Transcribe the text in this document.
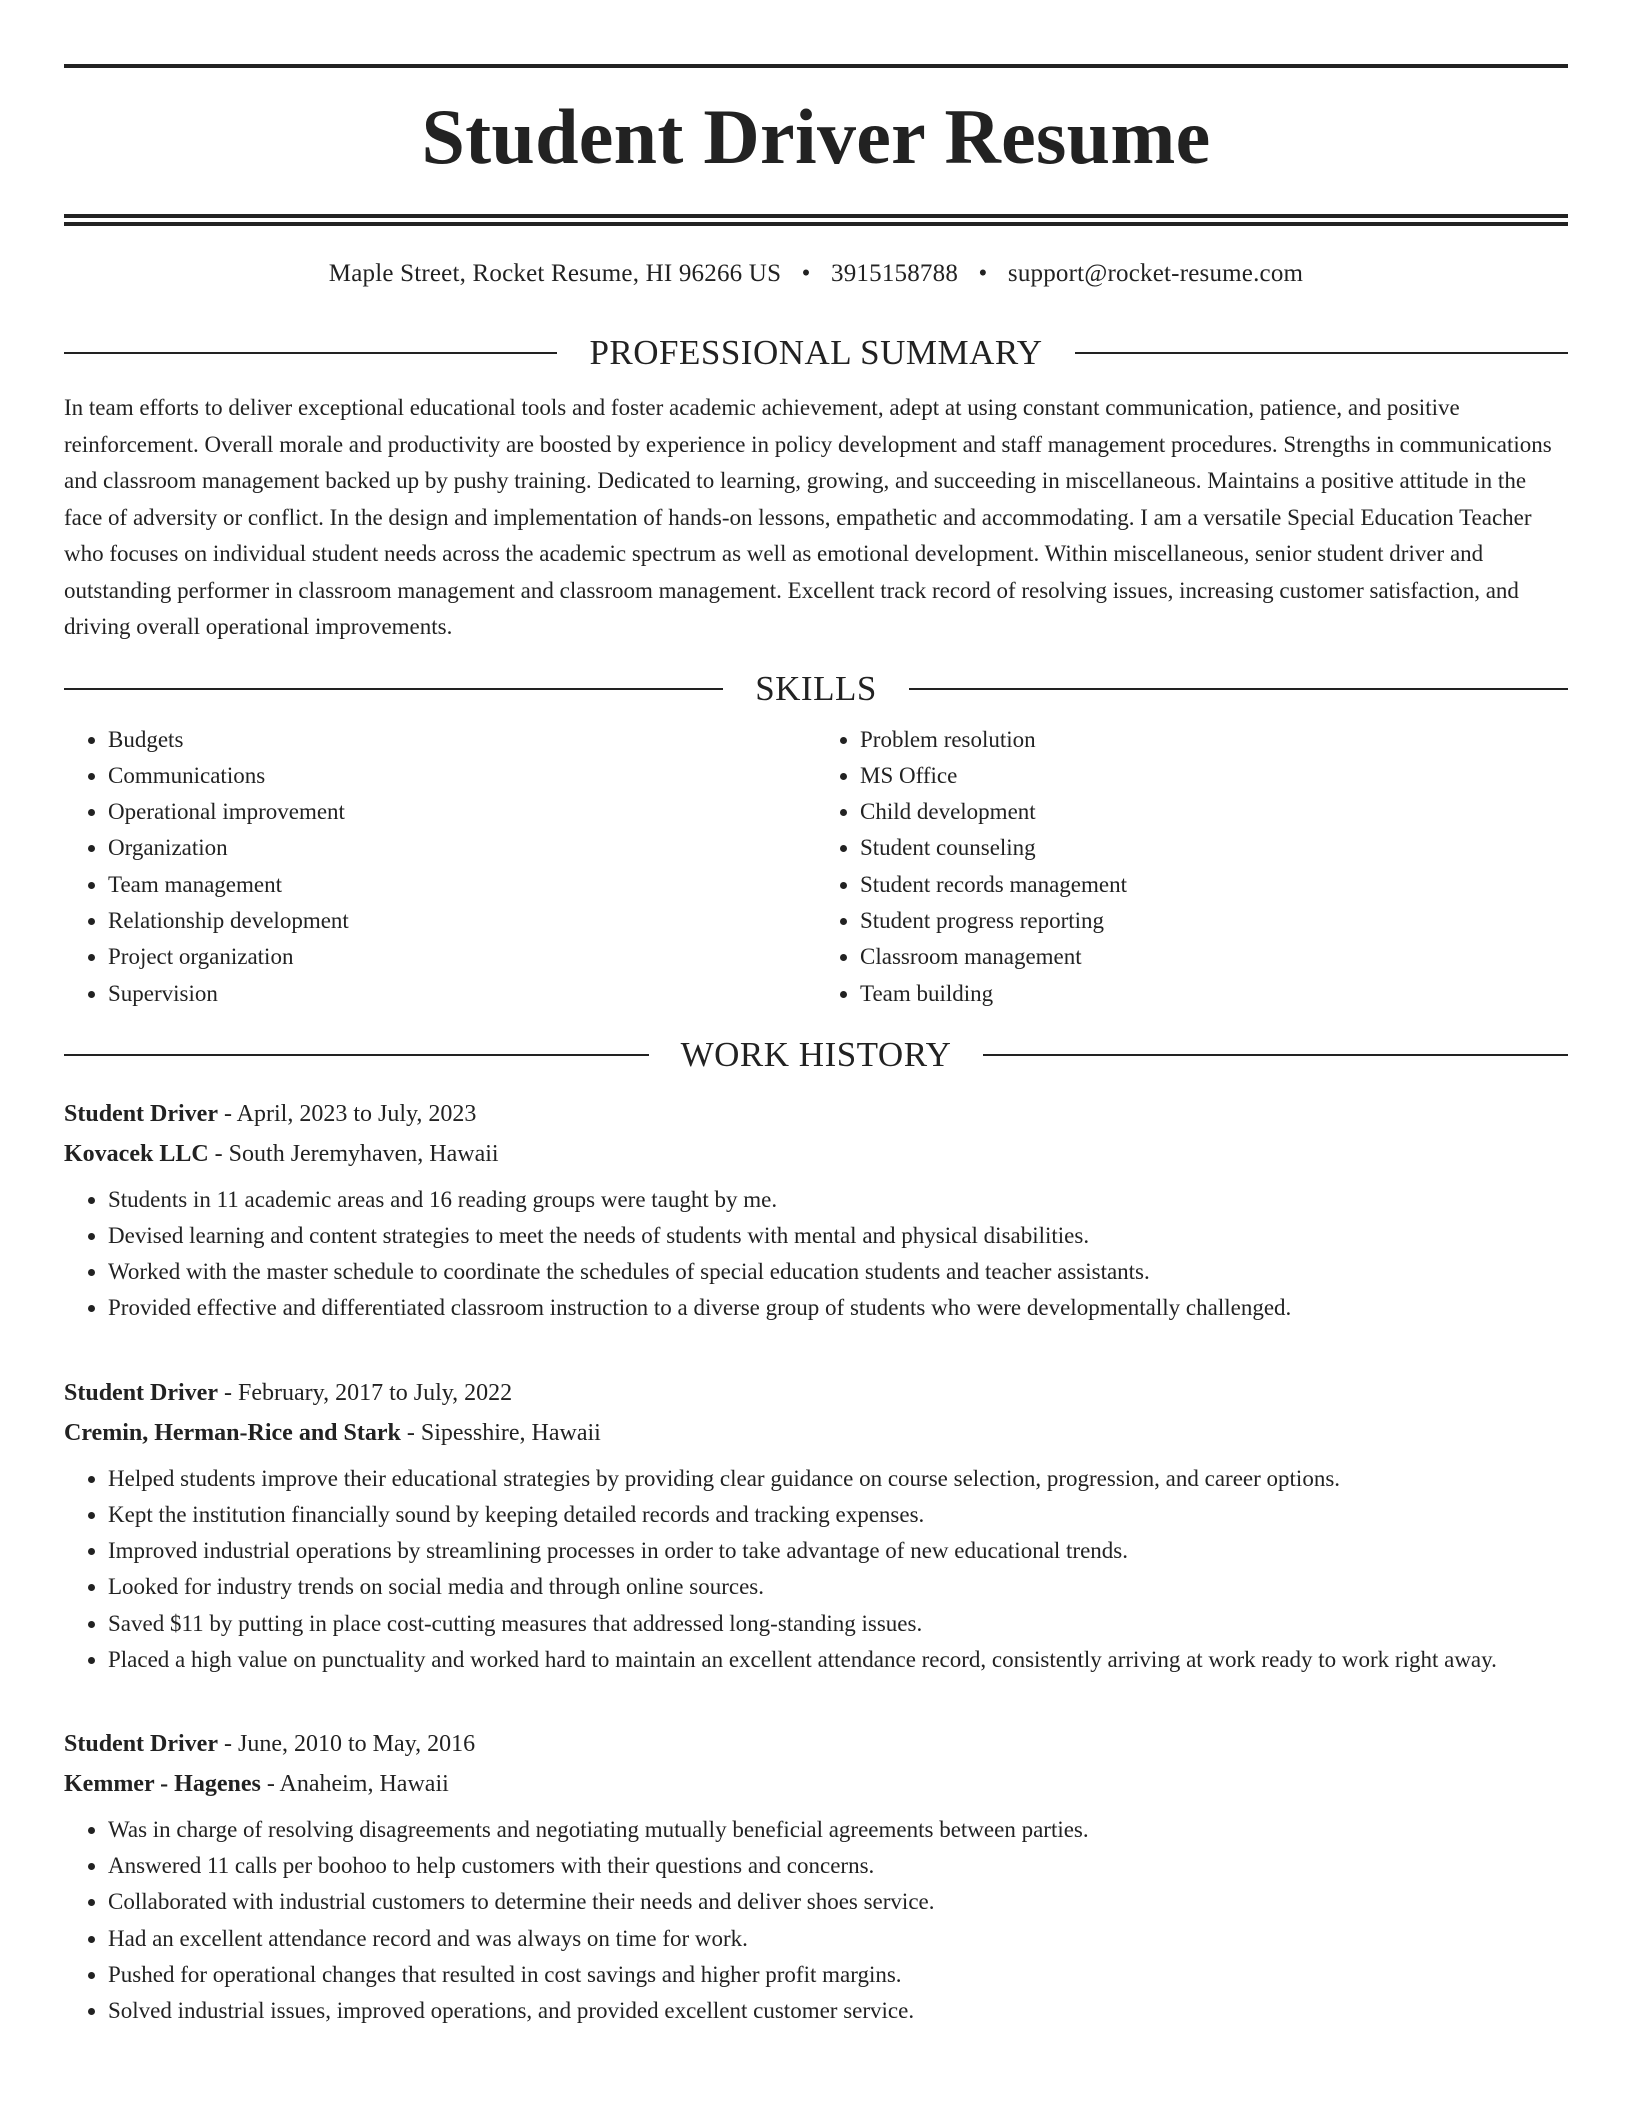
Student Driver Resume
Maple Street, Rocket Resume, HI 96266 US • 3915158788 • support@rocket-resume.com
PROFESSIONAL SUMMARY

In team efforts to deliver exceptional educational tools and foster academic achievement, adept at using constant communication, patience, and positive reinforcement. Overall morale and productivity are boosted by experience in policy development and staff management procedures. Strengths in communications and classroom management backed up by pushy training. Dedicated to learning, growing, and succeeding in miscellaneous. Maintains a positive attitude in the face of adversity or conflict. In the design and implementation of hands-on lessons, empathetic and accommodating. I am a versatile Special Education Teacher who focuses on individual student needs across the academic spectrum as well as emotional development. Within miscellaneous, senior student driver and outstanding performer in classroom management and classroom management. Excellent track record of resolving issues, increasing customer satisfaction, and driving overall operational improvements.

SKILLS
• Budgets
• Communications
• Operational improvement
• Organization
• Team management
• Relationship development
• Project organization
• Supervision
• Problem resolution
• MS Office
• Child development
• Student counseling
• Student records management
• Student progress reporting
• Classroom management
• Team building
WORK HISTORY
Student Driver - April, 2023 to July, 2023
Kovacek LLC - South Jeremyhaven, Hawaii
• Students in 11 academic areas and 16 reading groups were taught by me.
• Devised learning and content strategies to meet the needs of students with mental and physical disabilities.
• Worked with the master schedule to coordinate the schedules of special education students and teacher assistants.
• Provided effective and differentiated classroom instruction to a diverse group of students who were developmentally challenged.
Student Driver - February, 2017 to July, 2022
Cremin, Herman-Rice and Stark - Sipesshire, Hawaii
• Helped students improve their educational strategies by providing clear guidance on course selection, progression, and career options.
• Kept the institution financially sound by keeping detailed records and tracking expenses.
• Improved industrial operations by streamlining processes in order to take advantage of new educational trends.
• Looked for industry trends on social media and through online sources.
• Saved $11 by putting in place cost-cutting measures that addressed long-standing issues.
• Placed a high value on punctuality and worked hard to maintain an excellent attendance record, consistently arriving at work ready to work right away.
Student Driver - June, 2010 to May, 2016
Kemmer - Hagenes - Anaheim, Hawaii
• Was in charge of resolving disagreements and negotiating mutually beneficial agreements between parties.
• Answered 11 calls per boohoo to help customers with their questions and concerns.
• Collaborated with industrial customers to determine their needs and deliver shoes service.
• Had an excellent attendance record and was always on time for work.
• Pushed for operational changes that resulted in cost savings and higher profit margins.
• Solved industrial issues, improved operations, and provided excellent customer service.
